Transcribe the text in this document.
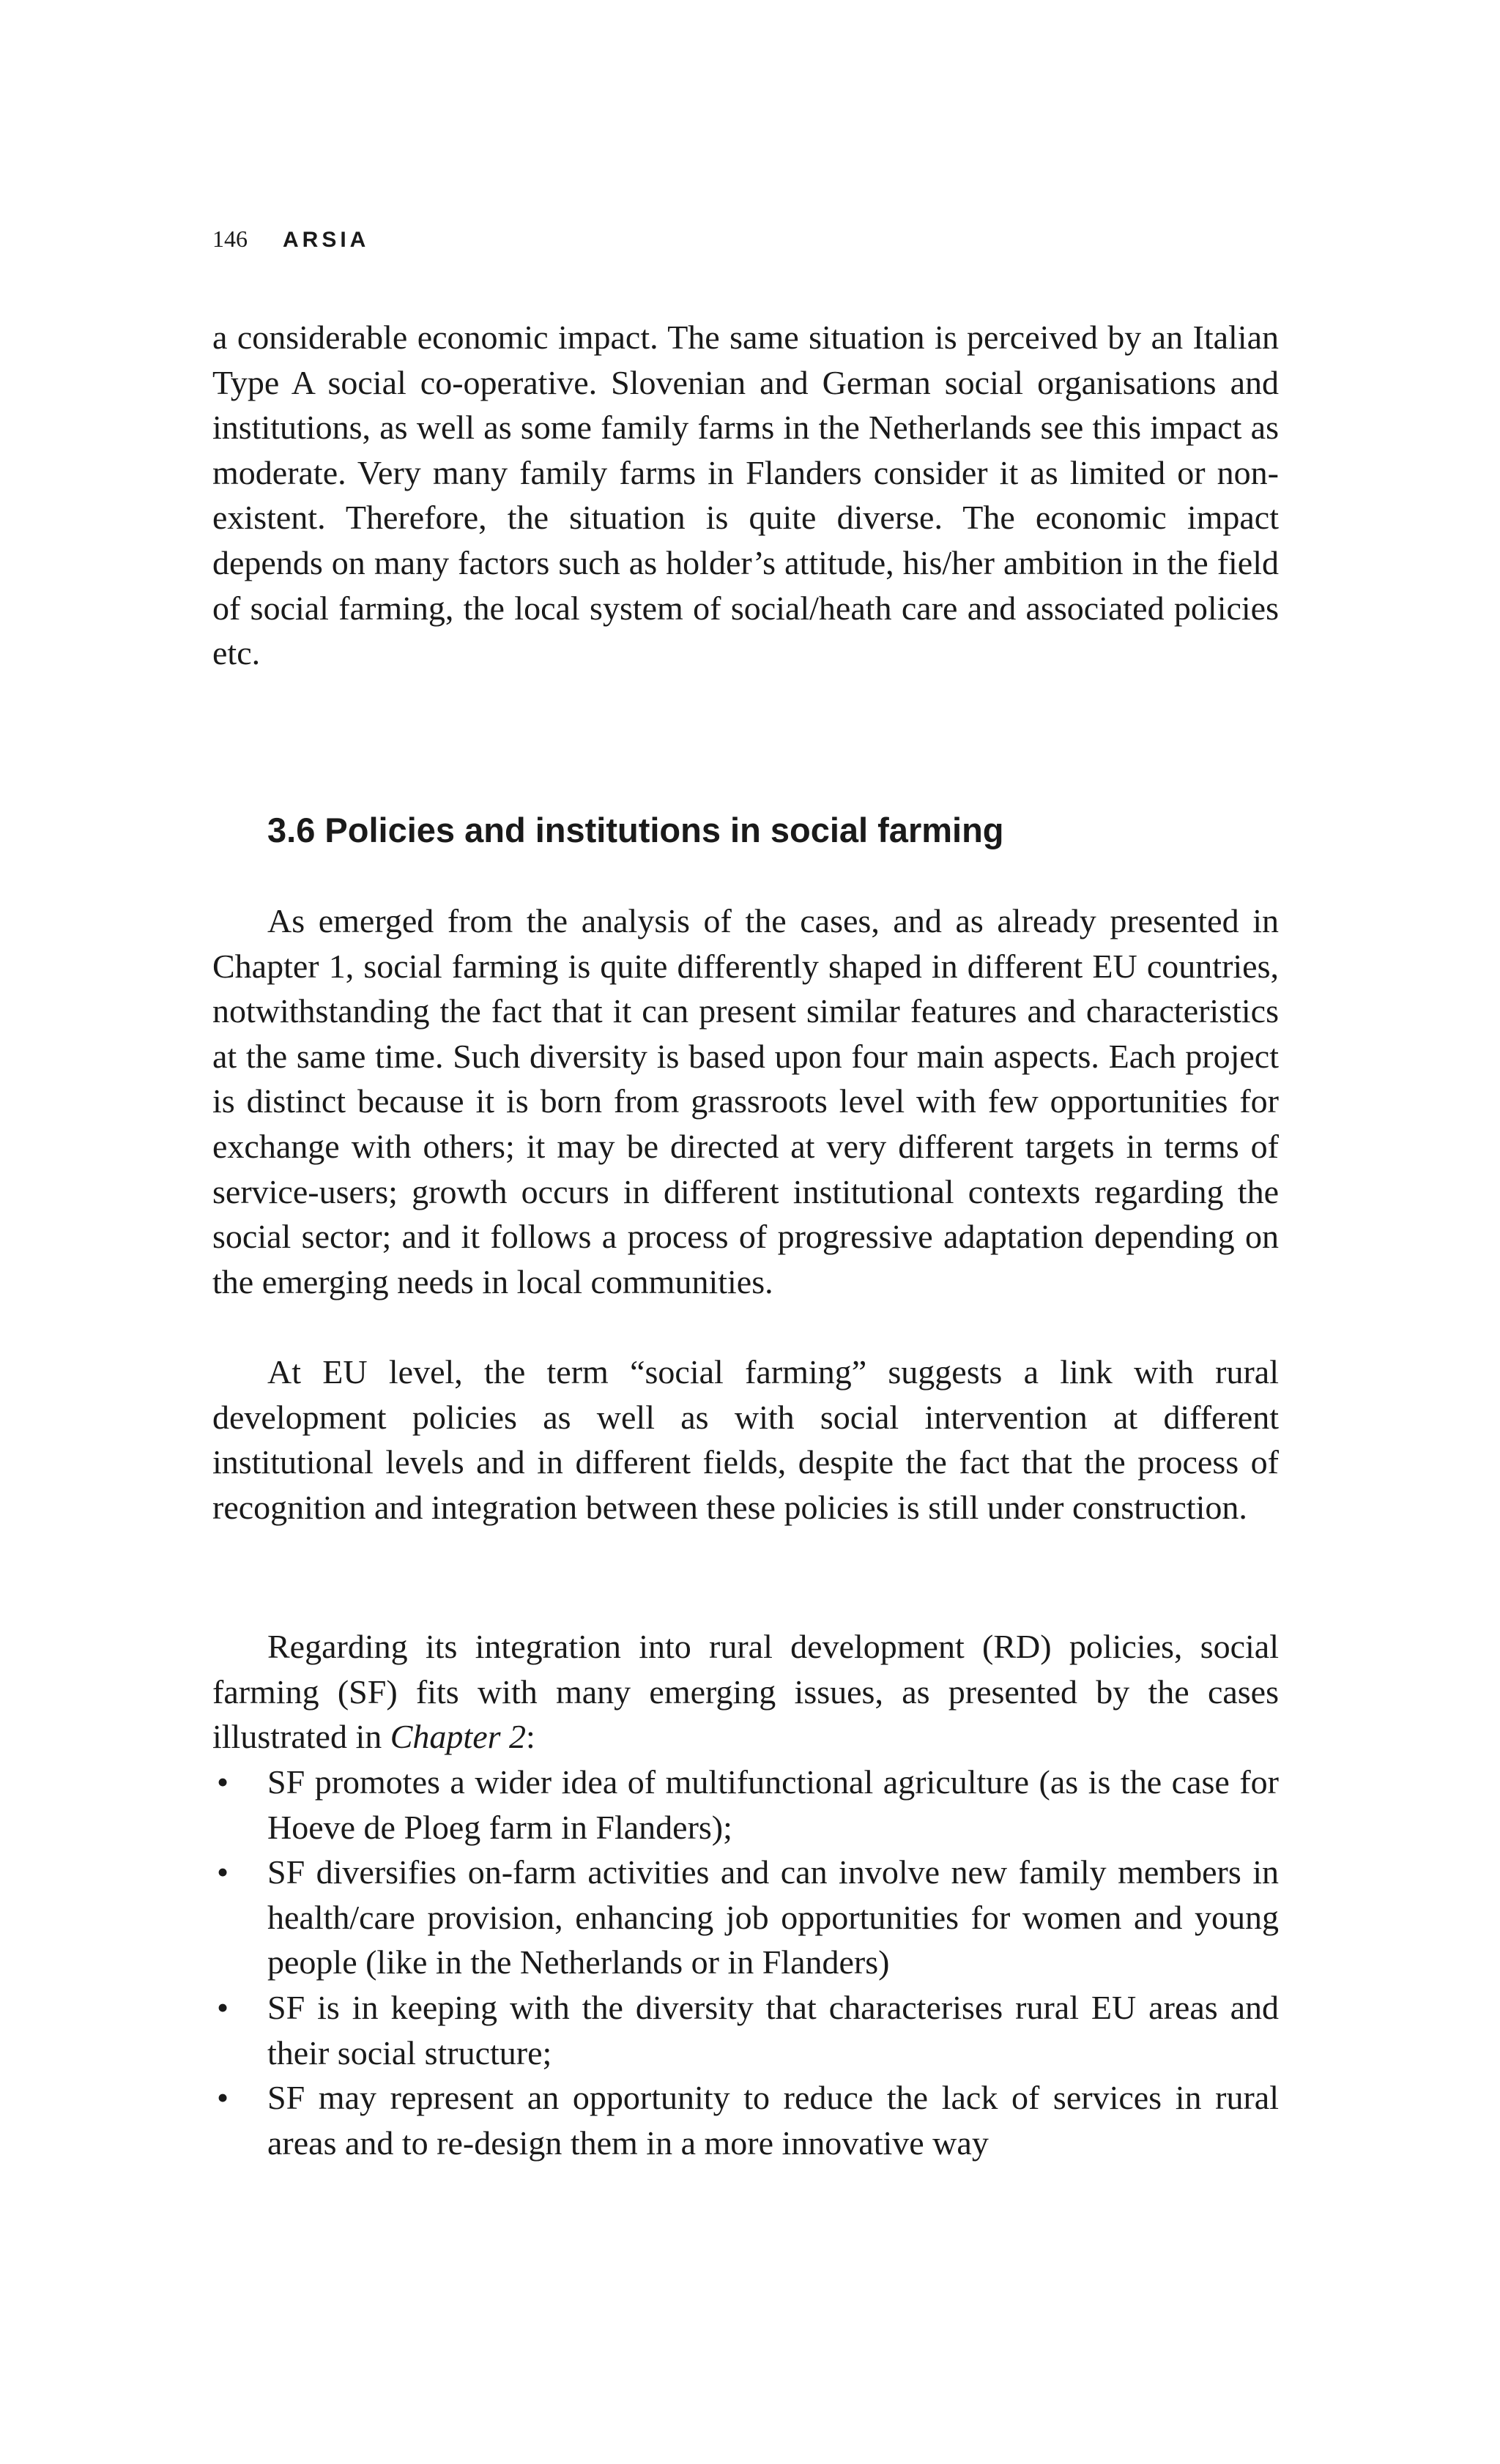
146 ARSIA

a considerable economic impact. The same situation is perceived by an Italian Type A social co-operative. Slovenian and German social organisations and institutions, as well as some family farms in the Netherlands see this impact as moderate. Very many family farms in Flanders consider it as limited or non-existent. Therefore, the situation is quite diverse. The economic impact depends on many factors such as holder’s attitude, his/her ambition in the field of social farming, the local system of social/heath care and associated policies etc.

3.6 Policies and institutions in social farming

As emerged from the analysis of the cases, and as already presented in Chapter 1, social farming is quite differently shaped in different EU countries, notwithstanding the fact that it can present similar features and characteristics at the same time. Such diversity is based upon four main aspects. Each project is distinct because it is born from grassroots level with few opportunities for exchange with others; it may be directed at very different targets in terms of service-users; growth occurs in different institutional contexts regarding the social sector; and it follows a process of progressive adaptation depending on the emerging needs in local communities.

At EU level, the term “social farming” suggests a link with rural development policies as well as with social intervention at different institutional levels and in different fields, despite the fact that the process of recognition and integration between these policies is still under construction.

Regarding its integration into rural development (RD) policies, social farming (SF) fits with many emerging issues, as presented by the cases illustrated in Chapter 2:

• SF promotes a wider idea of multifunctional agriculture (as is the case for Hoeve de Ploeg farm in Flanders);
• SF diversifies on-farm activities and can involve new family members in health/care provision, enhancing job opportunities for women and young people (like in the Netherlands or in Flanders)
• SF is in keeping with the diversity that characterises rural EU areas and their social structure;
• SF may represent an opportunity to reduce the lack of services in rural areas and to re-design them in a more innovative way
